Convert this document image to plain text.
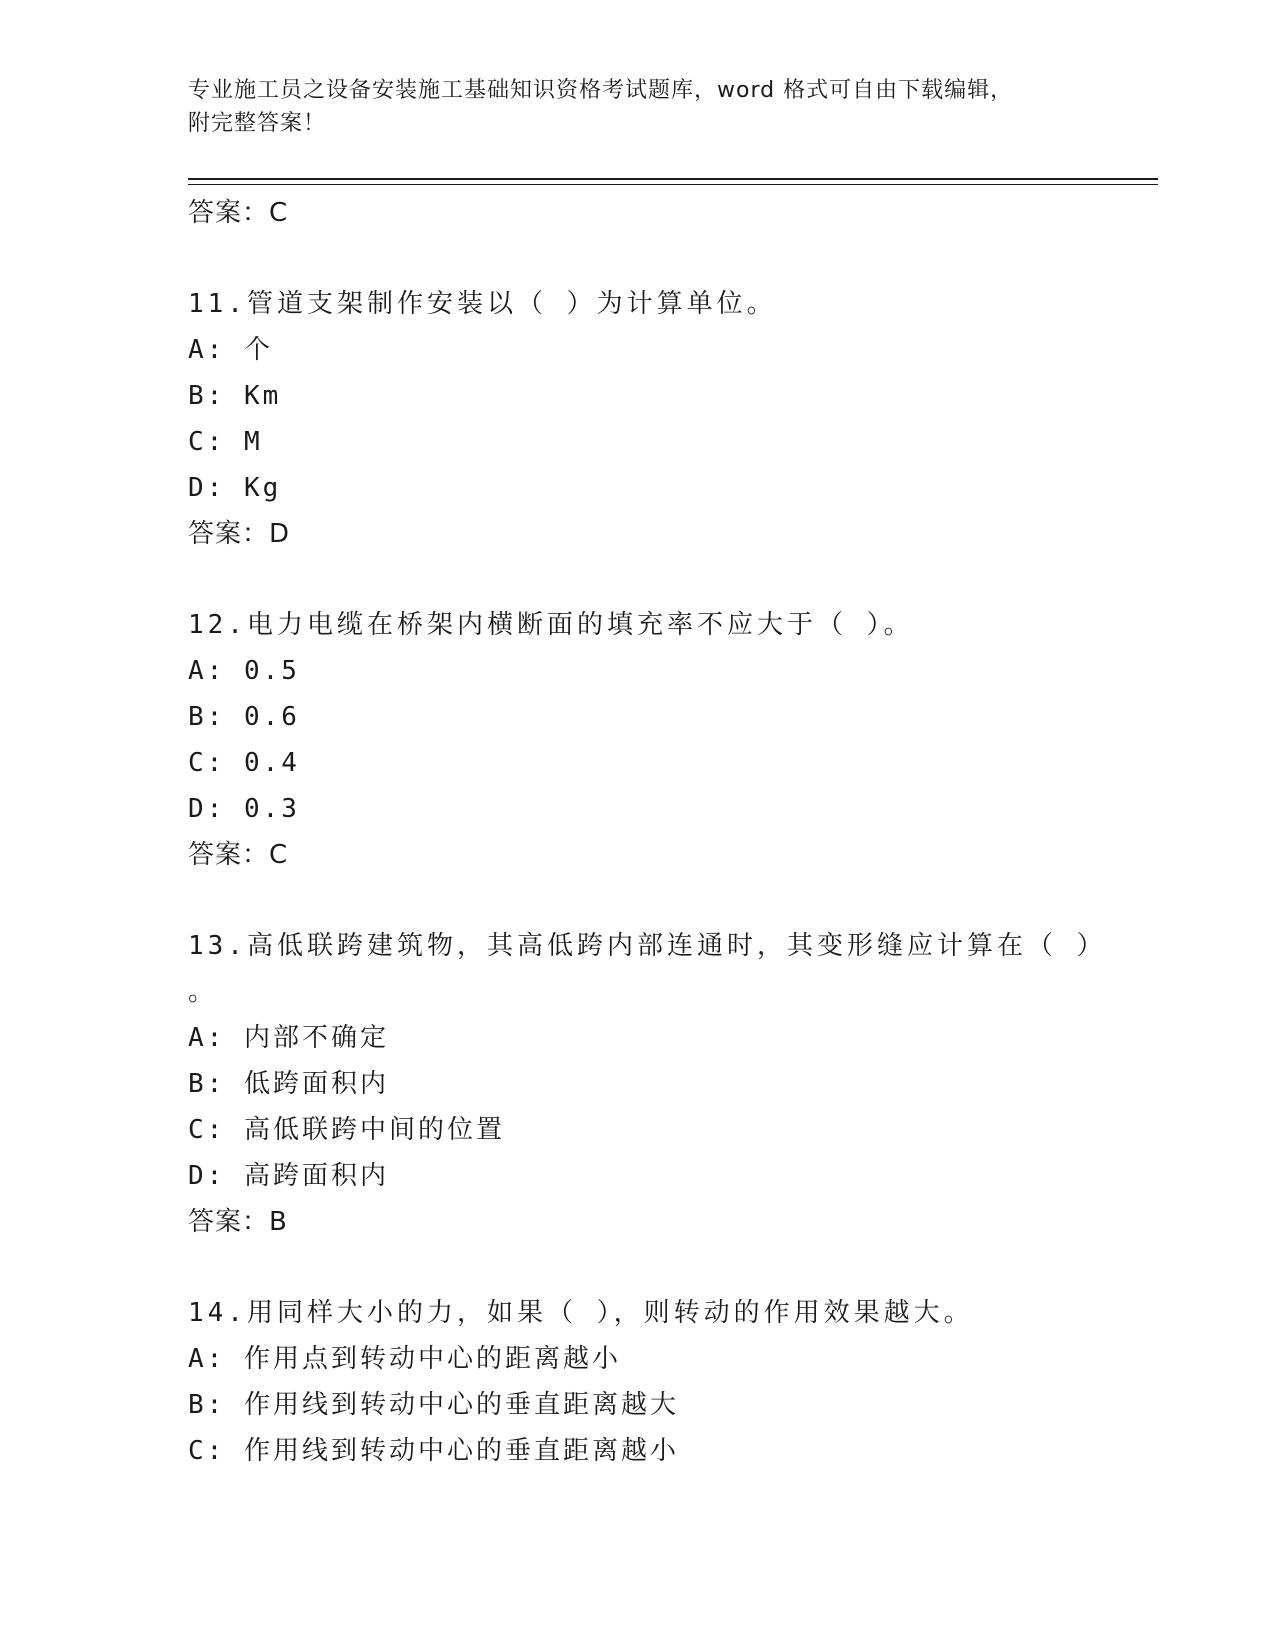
专业施工员之设备安装施工基础知识资格考试题库，word 格式可自由下载编辑，
附完整答案！
答案：C
11.管道支架制作安装以（ ）为计算单位。
A: 个
B: Km
C: M
D: Kg
答案：D
12.电力电缆在桥架内横断面的填充率不应大于（ ）。
A: 0.5
B: 0.6
C: 0.4
D: 0.3
答案：C
13.高低联跨建筑物，其高低跨内部连通时，其变形缝应计算在（ ）
。
A: 内部不确定
B: 低跨面积内
C: 高低联跨中间的位置
D: 高跨面积内
答案：B
14.用同样大小的力，如果（ ），则转动的作用效果越大。
A: 作用点到转动中心的距离越小
B: 作用线到转动中心的垂直距离越大
C: 作用线到转动中心的垂直距离越小
